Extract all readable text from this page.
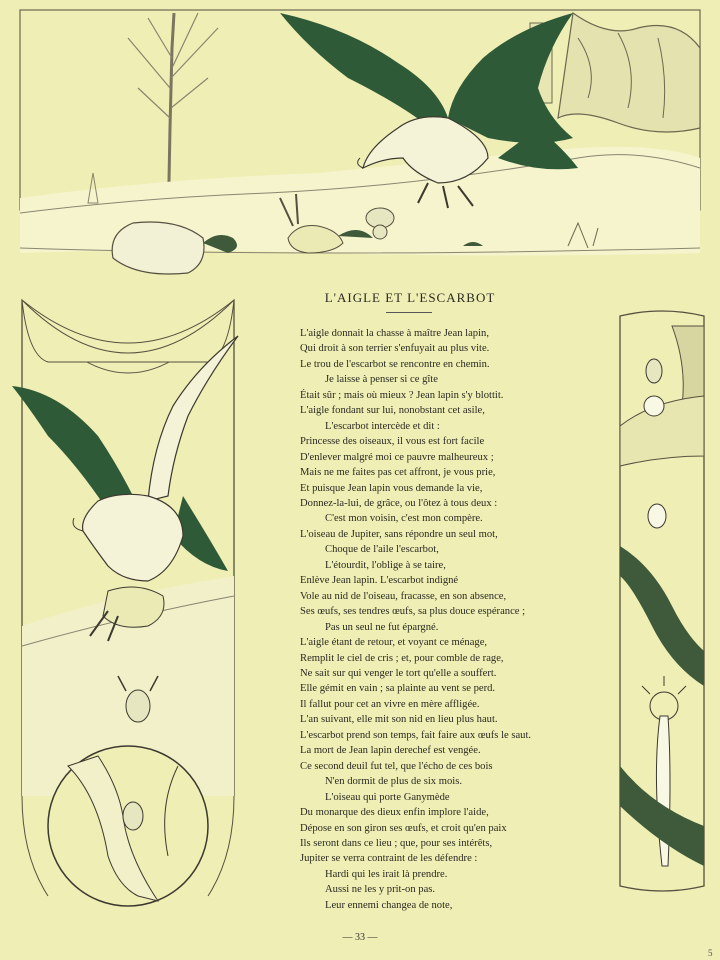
L'AIGLE ET L'ESCARBOT
L'aigle donnait la chasse à maître Jean lapin,
Qui droit à son terrier s'enfuyait au plus vite.
Le trou de l'escarbot se rencontre en chemin.
Je laisse à penser si ce gîte
Était sûr ; mais où mieux ? Jean lapin s'y blottit.
L'aigle fondant sur lui, nonobstant cet asile,
L'escarbot intercède et dit :
Princesse des oiseaux, il vous est fort facile
D'enlever malgré moi ce pauvre malheureux ;
Mais ne me faites pas cet affront, je vous prie,
Et puisque Jean lapin vous demande la vie,
Donnez-la-lui, de grâce, ou l'ôtez à tous deux :
C'est mon voisin, c'est mon compère.
L'oiseau de Jupiter, sans répondre un seul mot,
Choque de l'aile l'escarbot,
L'étourdit, l'oblige à se taire,
Enlève Jean lapin. L'escarbot indigné
Vole au nid de l'oiseau, fracasse, en son absence,
Ses œufs, ses tendres œufs, sa plus douce espérance ;
Pas un seul ne fut épargné.
L'aigle étant de retour, et voyant ce ménage,
Remplit le ciel de cris ; et, pour comble de rage,
Ne sait sur qui venger le tort qu'elle a souffert.
Elle gémit en vain ; sa plainte au vent se perd.
Il fallut pour cet an vivre en mère affligée.
L'an suivant, elle mit son nid en lieu plus haut.
L'escarbot prend son temps, fait faire aux œufs le saut.
La mort de Jean lapin derechef est vengée.
Ce second deuil fut tel, que l'écho de ces bois
N'en dormit de plus de six mois.
L'oiseau qui porte Ganymède
Du monarque des dieux enfin implore l'aide,
Dépose en son giron ses œufs, et croit qu'en paix
Ils seront dans ce lieu ; que, pour ses intérêts,
Jupiter se verra contraint de les défendre :
Hardi qui les irait là prendre.
Aussi ne les y prit-on pas.
Leur ennemi changea de note,
— 33 —
5
